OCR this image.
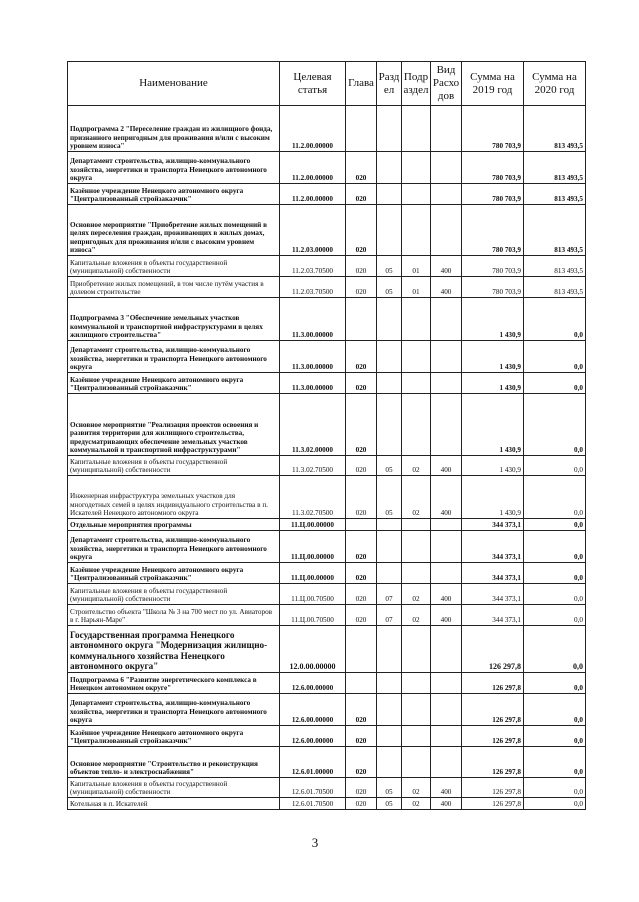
Наименование	Целевая статья	Глава	Разд ел	Подр аздел	Вид Расхо дов	Сумма на 2019 год	Сумма на 2020 год
Подпрограмма 2 "Переселение граждан из жилищного фонда, признанного непригодным для проживания и/или с высоким уровнем износа"	11.2.00.00000					780 703,9	813 493,5
Департамент строительства, жилищно-коммунального хозяйства, энергетики и транспорта Ненецкого автономного округа	11.2.00.00000	020				780 703,9	813 493,5
Казённое учреждение Ненецкого автономного округа "Централизованный стройзаказчик"	11.2.00.00000	020				780 703,9	813 493,5
Основное мероприятие "Приобретение жилых помещений в целях переселения граждан, проживающих в жилых домах, непригодных для проживания и/или с высоким уровнем износа"	11.2.03.00000	020				780 703,9	813 493,5
Капитальные вложения в объекты государственной (муниципальной) собственности	11.2.03.70500	020	05	01	400	780 703,9	813 493,5
Приобретение жилых помещений, в том числе путём участия в долевом строительстве	11.2.03.70500	020	05	01	400	780 703,9	813 493,5
Подпрограмма 3 "Обеспечение земельных участков коммунальной и транспортной инфраструктурами в целях жилищного строительства"	11.3.00.00000					1 430,9	0,0
Департамент строительства, жилищно-коммунального хозяйства, энергетики и транспорта Ненецкого автономного округа	11.3.00.00000	020				1 430,9	0,0
Казённое учреждение Ненецкого автономного округа "Централизованный стройзаказчик"	11.3.00.00000	020				1 430,9	0,0
Основное мероприятие "Реализация проектов освоения и развития территории для жилищного строительства, предусматривающих обеспечение земельных участков коммунальной и транспортной инфраструктурами"	11.3.02.00000	020				1 430,9	0,0
Капитальные вложения в объекты государственной (муниципальной) собственности	11.3.02.70500	020	05	02	400	1 430,9	0,0
Инженерная инфраструктура земельных участков для многодетных семей в целях индивидуального строительства в п. Искателей Ненецкого автономного округа	11.3.02.70500	020	05	02	400	1 430,9	0,0
Отдельные мероприятия программы	11.Ц.00.00000					344 373,1	0,0
Департамент строительства, жилищно-коммунального хозяйства, энергетики и транспорта Ненецкого автономного округа	11.Ц.00.00000	020				344 373,1	0,0
Казённое учреждение Ненецкого автономного округа "Централизованный стройзаказчик"	11.Ц.00.00000	020				344 373,1	0,0
Капитальные вложения в объекты государственной (муниципальной) собственности	11.Ц.00.70500	020	07	02	400	344 373,1	0,0
Строительство объекта "Школа № 3 на 700 мест по ул. Авиаторов в г. Нарьян-Маре"	11.Ц.00.70500	020	07	02	400	344 373,1	0,0
Государственная программа Ненецкого автономного округа "Модернизация жилищно-коммунального хозяйства Ненецкого автономного округа"	12.0.00.00000					126 297,8	0,0
Подпрограмма 6 "Развитие энергетического комплекса в Ненецком автономном округе"	12.6.00.00000					126 297,8	0,0
Департамент строительства, жилищно-коммунального хозяйства, энергетики и транспорта Ненецкого автономного округа	12.6.00.00000	020				126 297,8	0,0
Казённое учреждение Ненецкого автономного округа "Централизованный стройзаказчик"	12.6.00.00000	020				126 297,8	0,0
Основное мероприятие "Строительство и реконструкция объектов тепло- и электроснабжения"	12.6.01.00000	020				126 297,8	0,0
Капитальные вложения в объекты государственной (муниципальной) собственности	12.6.01.70500	020	05	02	400	126 297,8	0,0
Котельная в п. Искателей	12.6.01.70500	020	05	02	400	126 297,8	0,0
3
